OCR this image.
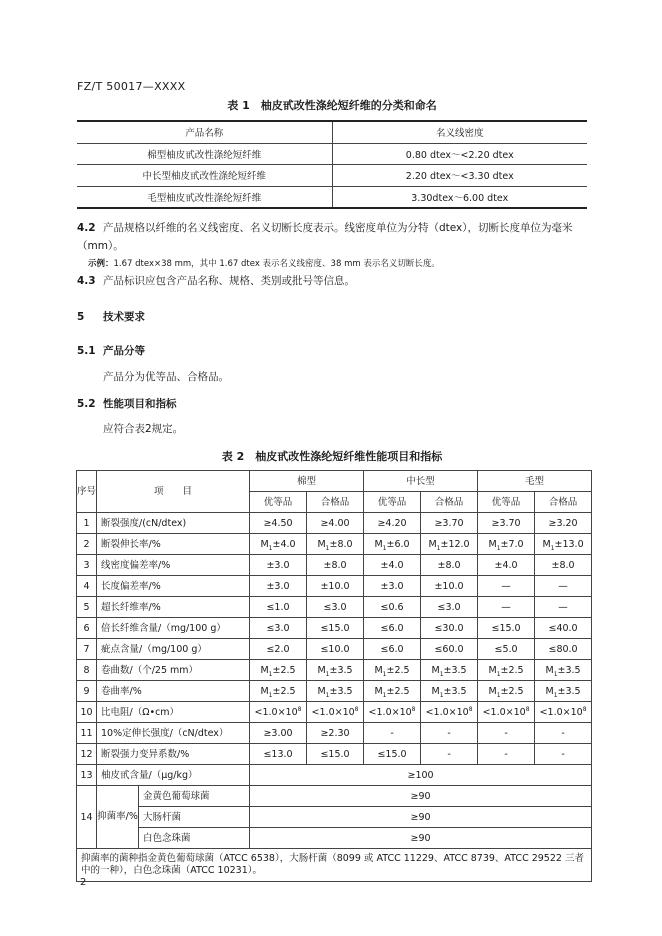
FZ/T 50017—XXXX
表 1　柚皮甙改性涤纶短纤维的分类和命名
产品名称	名义线密度
棉型柚皮甙改性涤纶短纤维	0.80 dtex～<2.20 dtex
中长型柚皮甙改性涤纶短纤维	2.20 dtex～<3.30 dtex
毛型柚皮甙改性涤纶短纤维	3.30dtex～6.00 dtex
4.2 产品规格以纤维的名义线密度、名义切断长度表示。线密度单位为分特（dtex），切断长度单位为毫米（mm）。
示例：1.67 dtex×38 mm，其中 1.67 dtex 表示名义线密度、38 mm 表示名义切断长度。
4.3 产品标识应包含产品名称、规格、类别或批号等信息。
5 技术要求
5.1 产品分等
产品分为优等品、合格品。
5.2 性能项目和指标
应符合表2规定。
表 2　柚皮甙改性涤纶短纤维性能项目和指标
序号	项　　目		棉型		中长型		毛型	
			优等品	合格品	优等品	合格品	优等品	合格品
1	断裂强度/(cN/dtex)		≥4.50	≥4.00	≥4.20	≥3.70	≥3.70	≥3.20
2	断裂伸长率/%		$M_1\pm 4.0$	$M_1\pm 8.0$	$M_1\pm 6.0$	$M_1\pm 12.0$	$M_1\pm 7.0$	$M_1\pm 13.0$
3	线密度偏差率/%		±3.0	±8.0	±4.0	±8.0	±4.0	±8.0
4	长度偏差率/%		±3.0	±10.0	±3.0	±10.0	—	—
5	超长纤维率/%		≤1.0	≤3.0	≤0.6	≤3.0	—	—
6	倍长纤维含量/（mg/100 g）		≤3.0	≤15.0	≤6.0	≤30.0	≤15.0	≤40.0
7	疵点含量/（mg/100 g）		≤2.0	≤10.0	≤6.0	≤60.0	≤5.0	≤80.0
8	卷曲数/（个/25 mm）		$M_1\pm 2.5$	$M_1\pm 3.5$	$M_1\pm 2.5$	$M_1\pm 3.5$	$M_1\pm 2.5$	$M_1\pm 3.5$
9	卷曲率/%		$M_1\pm 2.5$	$M_1\pm 3.5$	$M_1\pm 2.5$	$M_1\pm 3.5$	$M_1\pm 2.5$	$M_1\pm 3.5$
10	比电阻/（Ω•cm）		$<1.0\times 10^8$	$<1.0\times 10^8$	$<1.0\times 10^8$	$<1.0\times 10^8$	$<1.0\times 10^8$	$<1.0\times 10^8$
11	10%定伸长强度/（cN/dtex）		≥3.00	≥2.30	-	-	-	-
12	断裂强力变异系数/%		≤13.0	≤15.0	≤15.0	-	-	-
13	柚皮甙含量/（μg/kg）		≥100					
14	抑菌率/%	金黄色葡萄球菌	≥90					
		大肠杆菌	≥90					
		白色念珠菌	≥90					
抑菌率的菌种指金黄色葡萄球菌（ATCC 6538），大肠杆菌（8099 或 ATCC 11229、ATCC 8739、ATCC 29522 三者中的一种），白色念珠菌（ATCC 10231）。								
2
